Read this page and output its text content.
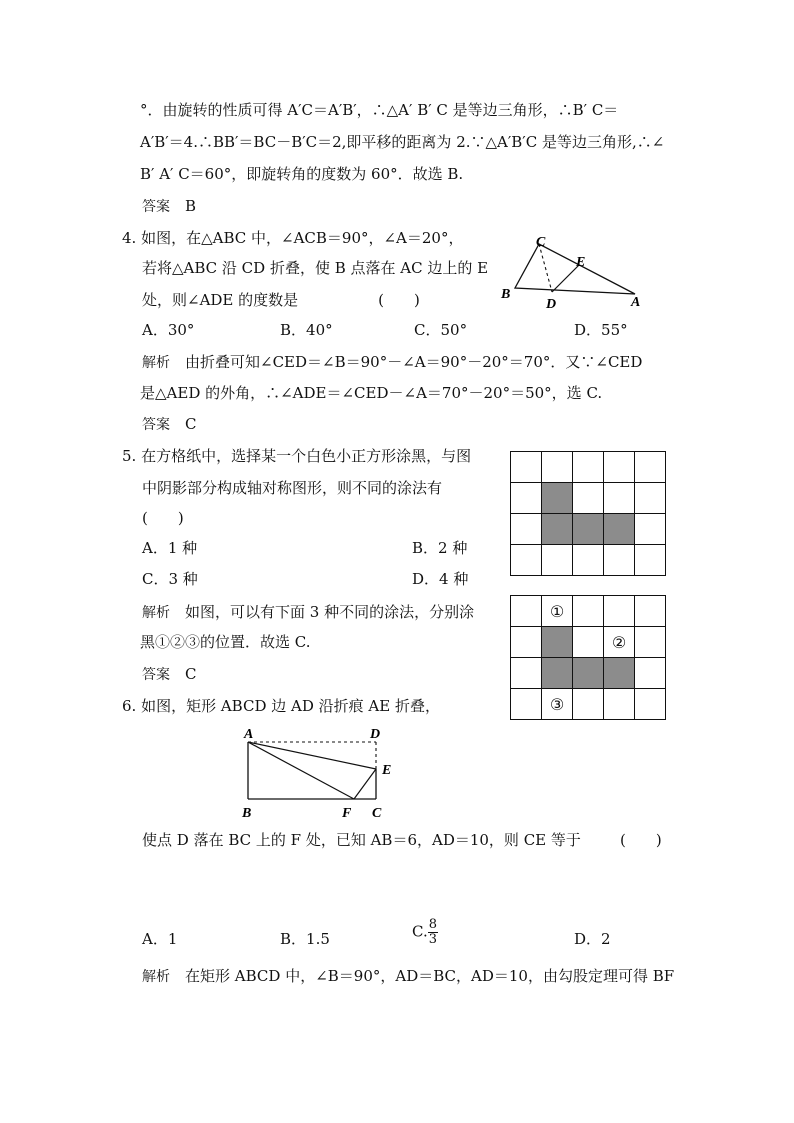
°．由旋转的性质可得 A′C＝A′B′，∴△A′ B′ C 是等边三角形，∴B′ C＝
A′B′＝4.∴BB′＝BC－B′C＝2,即平移的距离为 2.∵△A′B′C 是等边三角形,∴∠
B′ A′ C＝60°，即旋转角的度数为 60°．故选 B.
答案　 B
4. 如图，在△ABC 中，∠ACB＝90°，∠A＝20°，
若将△ABC 沿 CD 折叠，使 B 点落在 AC 边上的 E
处，则∠ADE 的度数是	(　　)
C
E
B
D	A
A．30°	B．40°	C．50°	D．55°
解析　 由折叠可知∠CED＝∠B＝90°－∠A＝90°－20°＝70°．又∵∠CED
是△AED 的外角，∴∠ADE＝∠CED－∠A＝70°－20°＝50°，选 C.
答案　 C
5. 在方格纸中，选择某一个白色小正方形涂黑，与图
中阴影部分构成轴对称图形，则不同的涂法有
(　　)

A．1 种	B．2 种
C．3 种	D．4 种
	①			
			②	

	③			
解析　 如图，可以有下面 3 种不同的涂法，分别涂
黑①②③的位置．故选 C.
答案　 C
6. 如图，矩形 ABCD 边 AD 沿折痕 AE 折叠，
A	D
E
B	F C
使点 D 落在 BC 上的 F 处，已知 AB＝6，AD＝10，则 CE 等于	(　　)
A．1	B．1.5	C. $\frac{8}{3}$	D．2
解析　 在矩形 ABCD 中，∠B＝90°，AD＝BC，AD＝10，由勾股定理可得 BF
